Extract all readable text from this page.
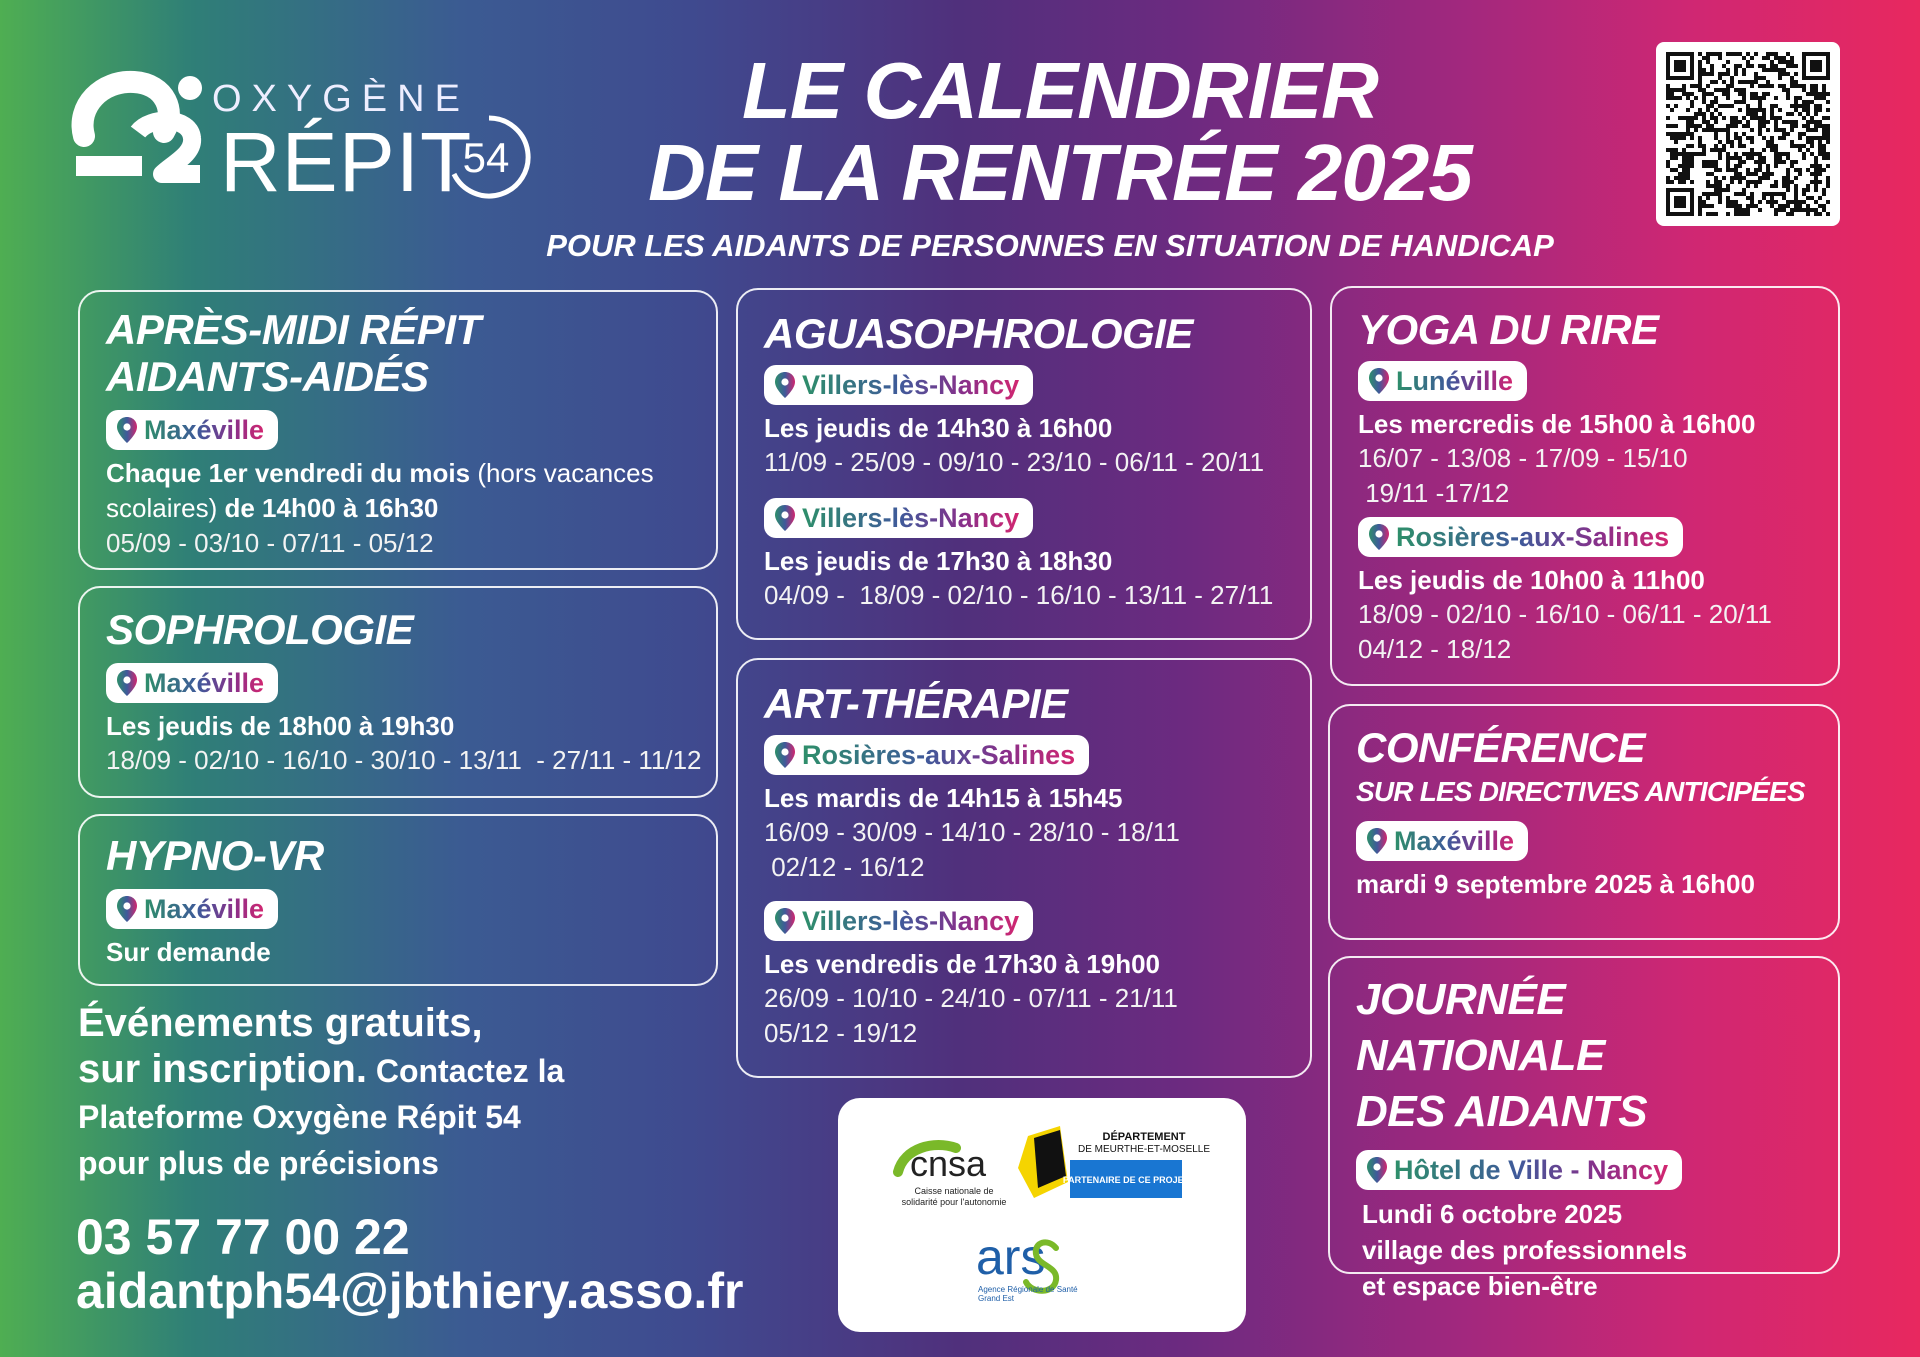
OXYGÈNE
RÉPIT
54
LE CALENDRIER
DE LA RENTRÉE 2025
POUR LES AIDANTS DE PERSONNES EN SITUATION DE HANDICAP
APRÈS-MIDI RÉPIT
AIDANTS-AIDÉS
Maxéville
Chaque 1er vendredi du mois (hors vacances scolaires) de 14h00 à 16h30
05/09 - 03/10 - 07/11 - 05/12
SOPHROLOGIE
Maxéville
Les jeudis de 18h00 à 19h30
18/09 - 02/10 - 16/10 - 30/10 - 13/11  - 27/11 - 11/12
HYPNO-VR
Maxéville
Sur demande
AGUASOPHROLOGIE
Villers-lès-Nancy
Les jeudis de 14h30 à 16h00
11/09 - 25/09 - 09/10 - 23/10 - 06/11 - 20/11
Villers-lès-Nancy
Les jeudis de 17h30 à 18h30
04/09 -  18/09 - 02/10 - 16/10 - 13/11 - 27/11
ART-THÉRAPIE
Rosières-aux-Salines
Les mardis de 14h15 à 15h45
16/09 - 30/09 - 14/10 - 28/10 - 18/11
02/12 - 16/12
Villers-lès-Nancy
Les vendredis de 17h30 à 19h00
26/09 - 10/10 - 24/10 - 07/11 - 21/11
05/12 - 19/12
YOGA DU RIRE
Lunéville
Les mercredis de 15h00 à 16h00
16/07 - 13/08 - 17/09 - 15/10
19/11 -17/12
Rosières-aux-Salines
Les jeudis de 10h00 à 11h00
18/09 - 02/10 - 16/10 - 06/11 - 20/11
04/12 - 18/12
CONFÉRENCE
SUR LES DIRECTIVES ANTICIPÉES
Maxéville
mardi 9 septembre 2025 à 16h00
JOURNÉE NATIONALE
DES AIDANTS
Hôtel de Ville - Nancy
Lundi 6 octobre 2025
village des professionnels
et espace bien-être
Événements gratuits,
sur inscription. Contactez la
Plateforme Oxygène Répit 54
pour plus de précisions
03 57 77 00 22
aidantph54@jbthiery.asso.fr
cnsa
Caisse nationale de
solidarité pour l'autonomie
DÉPARTEMENT
DE MEURTHE-ET-MOSELLE
PARTENAIRE DE CE PROJET
ars
Agence Régionale de Santé
Grand Est
